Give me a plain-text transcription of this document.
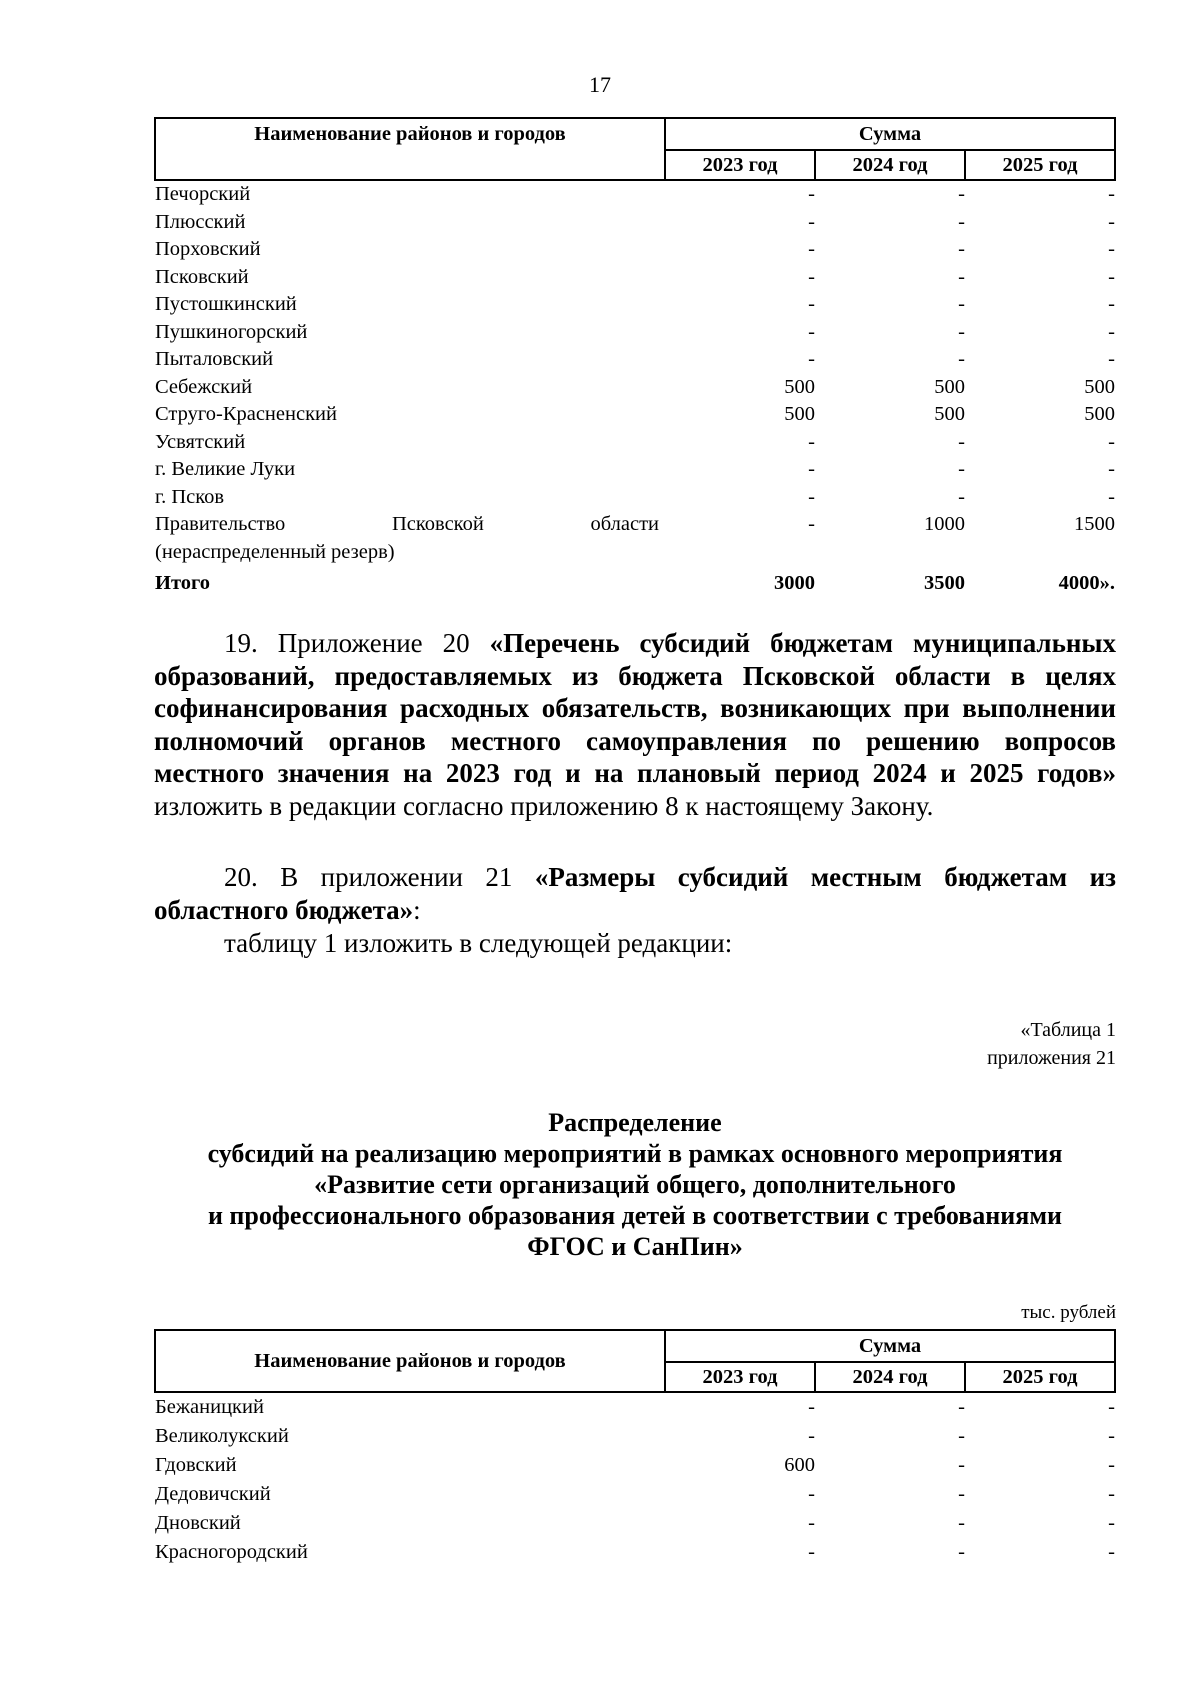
17
Наименование районов и городов	Сумма		
	2023 год	2024 год	2025 год
Печорский	-	-	-
Плюсский	-	-	-
Порховский	-	-	-
Псковский	-	-	-
Пустошкинский	-	-	-
Пушкиногорский	-	-	-
Пыталовский	-	-	-
Себежский	500	500	500
Струго-Красненский	500	500	500
Усвятский	-	-	-
г. Великие Луки	-	-	-
г. Псков	-	-	-
Правительство Псковской области
(нераспределенный резерв)	-	1000	1500
Итого	3000	3500	4000».
19. Приложение 20 «Перечень субсидий бюджетам муниципальных образований, предоставляемых из бюджета Псковской области в целях софинансирования расходных обязательств, возникающих при выполнении полномочий органов местного самоуправления по решению вопросов местного значения на 2023 год и на плановый период 2024 и 2025 годов» изложить в редакции согласно приложению 8 к настоящему Закону.
20. В приложении 21 «Размеры субсидий местным бюджетам из областного бюджета»:
таблицу 1 изложить в следующей редакции:
«Таблица 1
приложения 21
Распределение
субсидий на реализацию мероприятий в рамках основного мероприятия
«Развитие сети организаций общего, дополнительного
и профессионального образования детей в соответствии с требованиями
ФГОС и СанПин»
тыс. рублей
Наименование районов и городов	Сумма		
	2023 год	2024 год	2025 год
Бежаницкий	-	-	-
Великолукский	-	-	-
Гдовский	600	-	-
Дедовичский	-	-	-
Дновский	-	-	-
Красногородский	-	-	-
